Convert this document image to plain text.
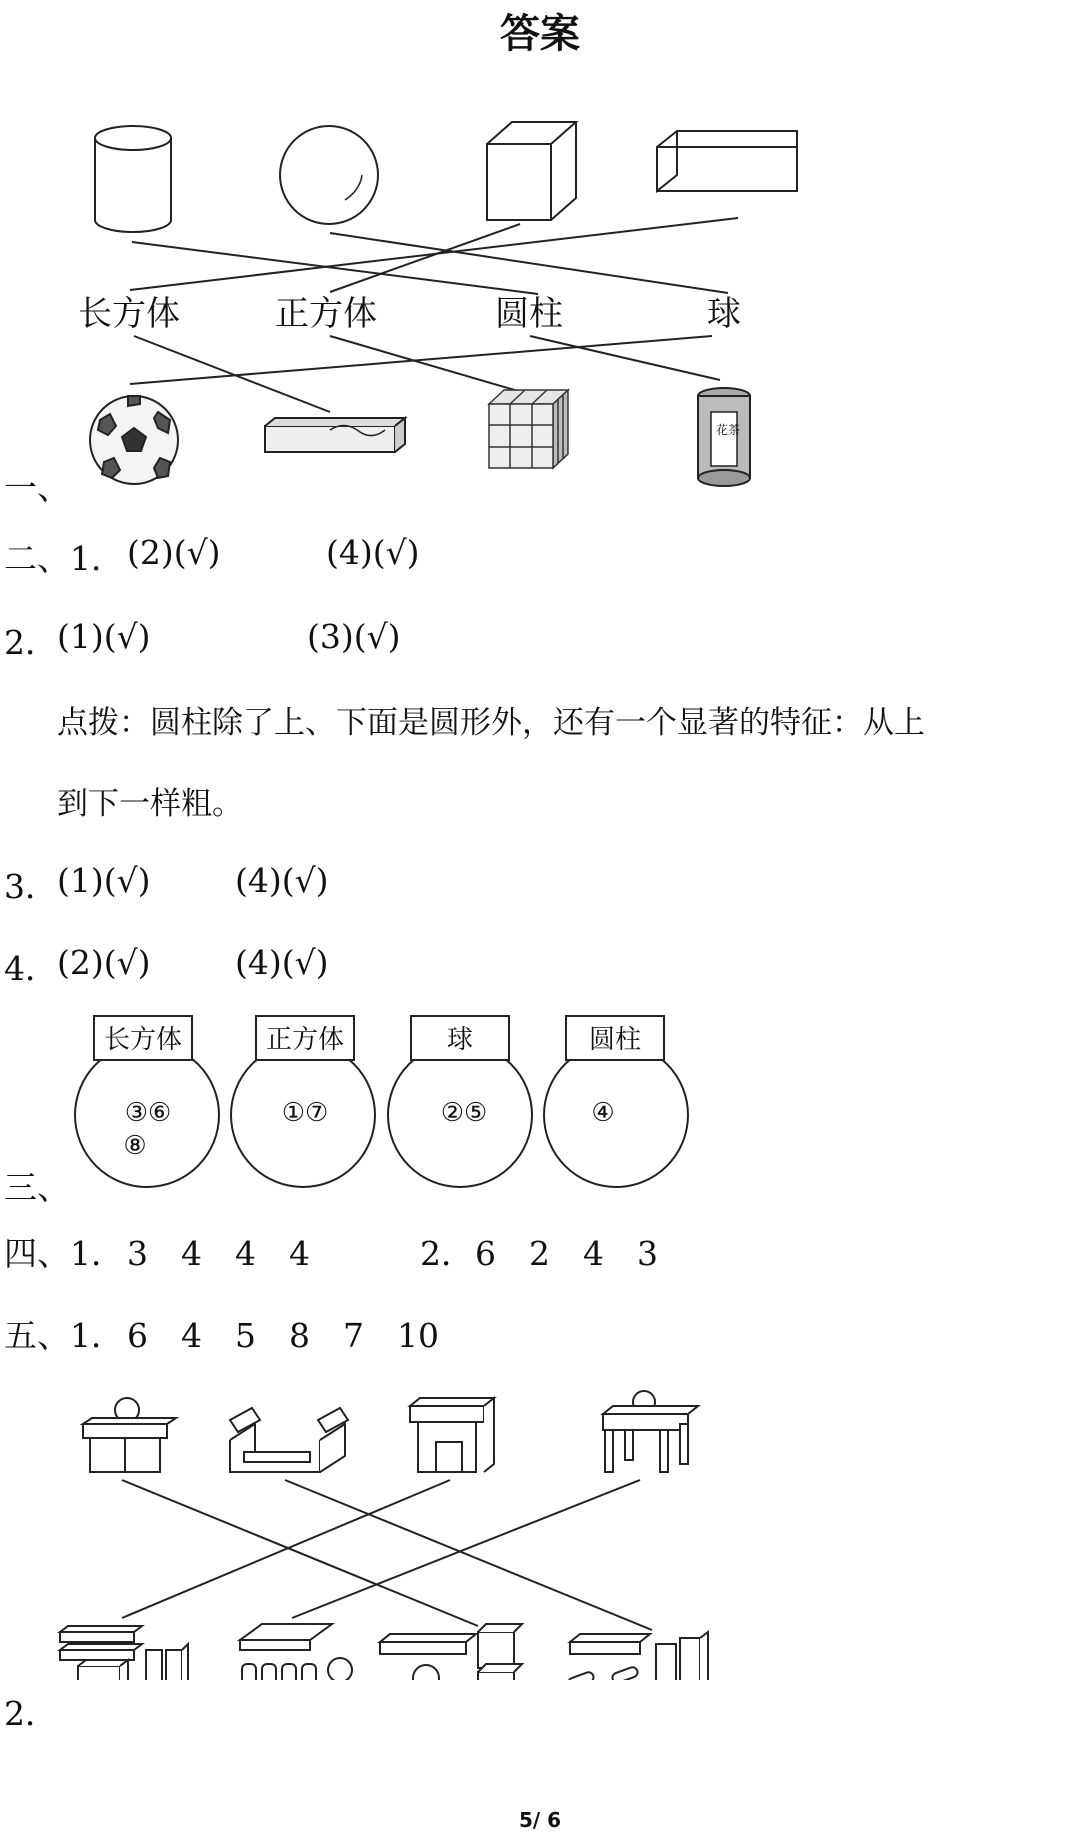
答案
长方体	正方体	圆柱	球
花茶
一、
二、1． (2)(√)	(4)(√)
2． (1)(√)	(3)(√)
点拨：圆柱除了上、下面是圆形外，还有一个显著的特征：从上
到下一样粗。
3． (1)(√)	(4)(√)
4． (2)(√)	(4)(√)
长方体	正方体	球	圆柱
③⑥
⑧
①⑦	②⑤	④
三、
四、1． 3　4　4　4	2． 6　2　4　3
五、1． 6　4　5　8　7　10
2．
5/ 6
